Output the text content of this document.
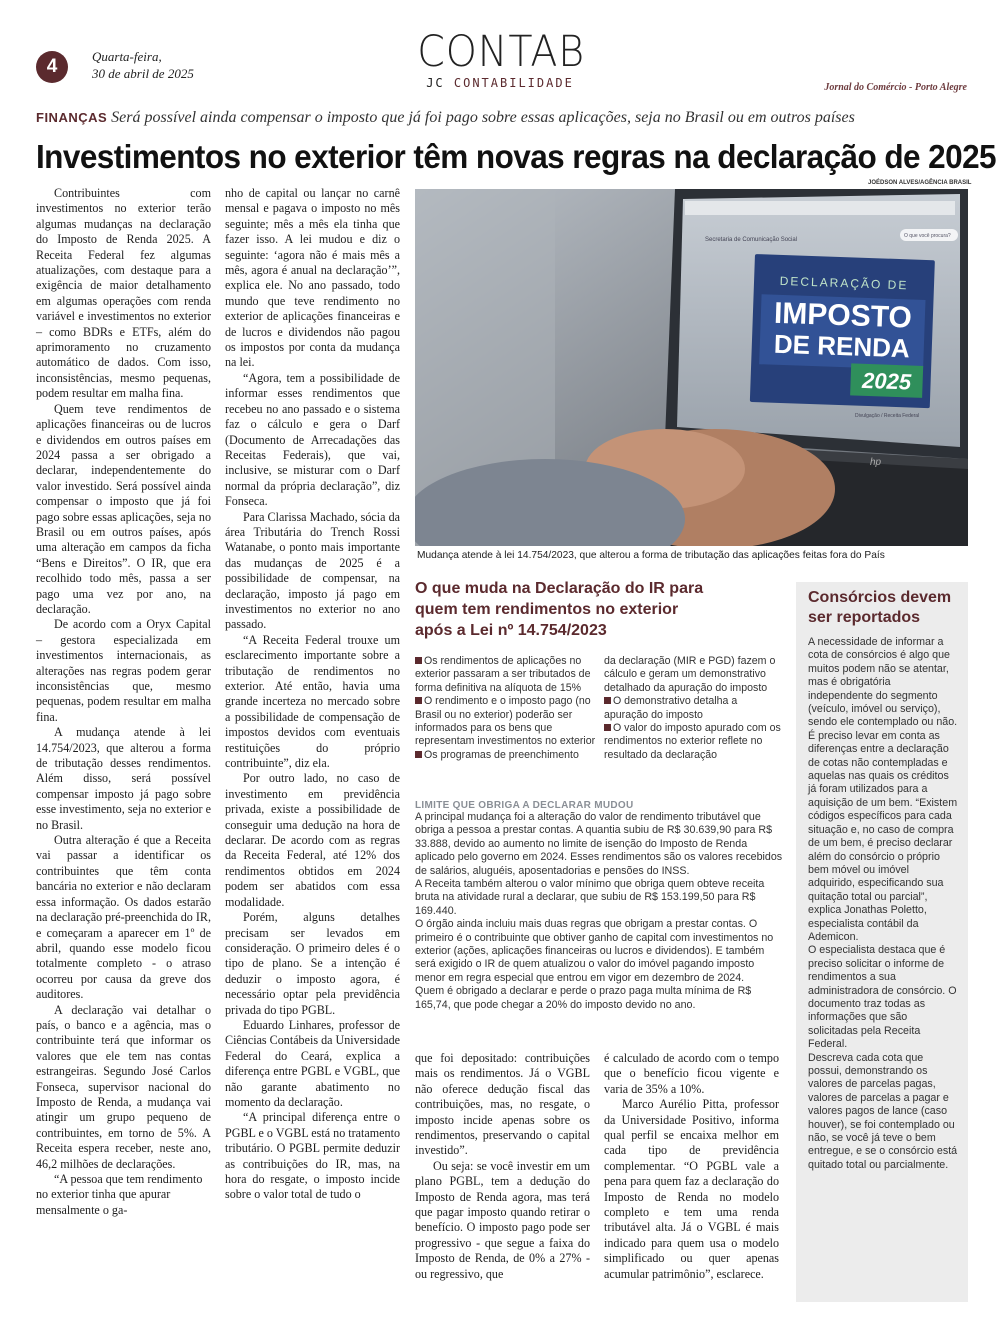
4	Quarta-feira,
30 de abril de 2025	CONTAB
JC CONTABILIDADE	Jornal do Comércio - Porto Alegre
FINANÇAS Será possível ainda compensar o imposto que já foi pago sobre essas aplicações, seja no Brasil ou em outros países
Investimentos no exterior têm novas regras na declaração de 2025
JOÉDSON ALVES/AGÊNCIA BRASIL

Contribuintes com investimentos no exterior terão algumas mudanças na declaração do Imposto de Renda 2025. A Receita Federal fez algumas atualizações, com destaque para a exigência de maior detalhamento em algumas operações com renda variável e investimentos no exterior – como BDRs e ETFs, além do aprimoramento no cruzamento automático de dados. Com isso, inconsistências, mesmo pequenas, podem resultar em malha fina.

Quem teve rendimentos de aplicações financeiras ou de lucros e dividendos em outros países em 2024 passa a ser obrigado a declarar, independentemente do valor investido. Será possível ainda compensar o imposto que já foi pago sobre essas aplicações, seja no Brasil ou em outros países, após uma alteração em campos da ficha “Bens e Direitos”. O IR, que era recolhido todo mês, passa a ser pago uma vez por ano, na declaração.

De acordo com a Oryx Capital – gestora especializada em investimentos internacionais, as alterações nas regras podem gerar inconsistências que, mesmo pequenas, podem resultar em malha fina.

A mudança atende à lei 14.754/2023, que alterou a forma de tributação desses rendimentos. Além disso, será possível compensar imposto já pago sobre esse investimento, seja no exterior e no Brasil.

Outra alteração é que a Receita vai passar a identificar os contribuintes que têm conta bancária no exterior e não declaram essa informação. Os dados estarão na declaração pré-preenchida do IR, e começaram a aparecer em 1º de abril, quando esse modelo ficou totalmente completo - o atraso ocorreu por causa da greve dos auditores.

A declaração vai detalhar o país, o banco e a agência, mas o contribuinte terá que informar os valores que ele tem nas contas estrangeiras. Segundo José Carlos Fonseca, supervisor nacional do Imposto de Renda, a mudança vai atingir um grupo pequeno de contribuintes, em torno de 5%. A Receita espera receber, neste ano, 46,2 milhões de declarações.

“A pessoa que tem rendimento no exterior tinha que apurar mensalmente o ga-

nho de capital ou lançar no carnê mensal e pagava o imposto no mês seguinte; mês a mês ela tinha que fazer isso. A lei mudou e diz o seguinte: ‘agora não é mais mês a mês, agora é anual na declaração’”, explica ele. No ano passado, todo mundo que teve rendimento no exterior de aplicações financeiras e de lucros e dividendos não pagou os impostos por conta da mudança na lei.

“Agora, tem a possibilidade de informar esses rendimentos que recebeu no ano passado e o sistema faz o cálculo e gera o Darf (Documento de Arrecadações das Receitas Federais), que vai, inclusive, se misturar com o Darf normal da própria declaração”, diz Fonseca.

Para Clarissa Machado, sócia da área Tributária do Trench Rossi Watanabe, o ponto mais importante das mudanças de 2025 é a possibilidade de compensar, na declaração, imposto já pago em investimentos no exterior no ano passado.

“A Receita Federal trouxe um esclarecimento importante sobre a tributação de rendimentos no exterior. Até então, havia uma grande incerteza no mercado sobre a possibilidade de compensação de impostos devidos com eventuais restituições do próprio contribuinte”, diz ela.

Por outro lado, no caso de investimento em previdência privada, existe a possibilidade de conseguir uma dedução na hora de declarar. De acordo com as regras da Receita Federal, até 12% dos rendimentos obtidos em 2024 podem ser abatidos com essa modalidade.

Porém, alguns detalhes precisam ser levados em consideração. O primeiro deles é o tipo de plano. Se a intenção é deduzir o imposto agora, é necessário optar pela previdência privada do tipo PGBL.

Eduardo Linhares, professor de Ciências Contábeis da Universidade Federal do Ceará, explica a diferença entre PGBL e VGBL, que não garante abatimento no momento da declaração.

“A principal diferença entre o PGBL e o VGBL está no tratamento tributário. O PGBL permite deduzir as contribuições do IR, mas, na hora do resgate, o imposto incide sobre o valor total de tudo o

que foi depositado: contribuições mais os rendimentos. Já o VGBL não oferece dedução fiscal das contribuições, mas, no resgate, o imposto incide apenas sobre os rendimentos, preservando o capital investido”.

Ou seja: se você investir em um plano PGBL, tem a dedução do Imposto de Renda agora, mas terá que pagar imposto quando retirar o benefício. O imposto pago pode ser progressivo - que segue a faixa do Imposto de Renda, de 0% a 27% - ou regressivo, que

é calculado de acordo com o tempo que o benefício ficou vigente e varia de 35% a 10%.

Marco Aurélio Pitta, professor da Universidade Positivo, informa qual perfil se encaixa melhor em cada tipo de previdência complementar. “O PGBL vale a pena para quem faz a declaração do Imposto de Renda no modelo completo e tem uma renda tributável alta. Já o VGBL é mais indicado para quem usa o modelo simplificado ou quer apenas acumular patrimônio”, esclarece.

Secretaria de Comunicação Social
O que você procura?
DECLARAÇÃO DE
IMPOSTO
DE RENDA
2025
Divulgação / Receita Federal
hp
Mudança atende à lei 14.754/2023, que alterou a forma de tributação das aplicações feitas fora do País
O que muda na Declaração do IR para quem tem rendimentos no exterior após a Lei nº 14.754/2023

Os rendimentos de aplicações no exterior passaram a ser tributados de forma definitiva na alíquota de 15%

O rendimento e o imposto pago (no Brasil ou no exterior) poderão ser informados para os bens que representam investimentos no exterior

Os programas de preenchimento

da declaração (MIR e PGD) fazem o cálculo e geram um demonstrativo detalhado da apuração do imposto

O demonstrativo detalha a apuração do imposto

O valor do imposto apurado com os rendimentos no exterior reflete no resultado da declaração

LIMITE QUE OBRIGA A DECLARAR MUDOU

A principal mudança foi a alteração do valor de rendimento tributável que obriga a pessoa a prestar contas. A quantia subiu de R$ 30.639,90 para R$ 33.888, devido ao aumento no limite de isenção do Imposto de Renda aplicado pelo governo em 2024. Esses rendimentos são os valores recebidos de salários, aluguéis, aposentadorias e pensões do INSS.

A Receita também alterou o valor mínimo que obriga quem obteve receita bruta na atividade rural a declarar, que subiu de R$ 153.199,50 para R$ 169.440.

O órgão ainda incluiu mais duas regras que obrigam a prestar contas. O primeiro é o contribuinte que obtiver ganho de capital com investimentos no exterior (ações, aplicações financeiras ou lucros e dividendos). E também será exigido o IR de quem atualizou o valor do imóvel pagando imposto menor em regra especial que entrou em vigor em dezembro de 2024.

Quem é obrigado a declarar e perde o prazo paga multa mínima de R$ 165,74, que pode chegar a 20% do imposto devido no ano.

Consórcios devem ser reportados

A necessidade de informar a cota de consórcios é algo que muitos podem não se atentar, mas é obrigatória independente do segmento (veículo, imóvel ou serviço), sendo ele contemplado ou não.

É preciso levar em conta as diferenças entre a declaração de cotas não contempladas e aquelas nas quais os créditos já foram utilizados para a aquisição de um bem. “Existem códigos específicos para cada situação e, no caso de compra de um bem, é preciso declarar além do consórcio o próprio bem móvel ou imóvel adquirido, especificando sua quitação total ou parcial”, explica Jonathas Poletto, especialista contábil da Ademicon.

O especialista destaca que é preciso solicitar o informe de rendimentos a sua administradora de consórcio. O documento traz todas as informações que são solicitadas pela Receita Federal.

Descreva cada cota que possui, demonstrando os valores de parcelas pagas, valores de parcelas a pagar e valores pagos de lance (caso houver), se foi contemplado ou não, se você já teve o bem entregue, e se o consórcio está quitado total ou parcialmente.
